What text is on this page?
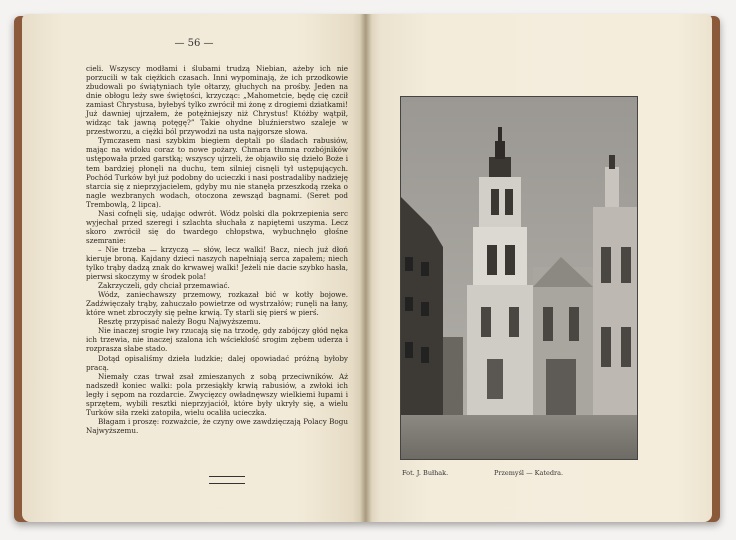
— 56 —

cieli. Wszyscy modłami i ślubami trudzą Niebian, ażeby ich nie porzucili w tak ciężkich czasach. Inni wypominają, że ich przodkowie zbudowali po świątyniach tyle ołtarzy, głuchych na prośby. Jeden na dnie obłogu leży swe świętości, krzycząc: „Mahometcie, będę cię czcił zamiast Chrystusa, byłebyś tylko zwrócił mi żonę z drogiemi dziatkami! Już dawniej ujrzałem, że potężniejszy niż Chrystus! Któżby wątpił, widząc tak jawną potęgę?” Takie ohydne bluźnierstwo szaleje w przestworzu, a ciężki ból przywodzi na usta najgorsze słowa.

Tymczasem nasi szybkim biegiem deptali po śladach rabusiów, mając na widoku coraz to nowe pożary. Chmara tłumna rozbójników ustępowała przed garstką; wszyscy ujrzeli, że objawiło się dzieło Boże i tem bardziej płonęli na duchu, tem silniej cisnęli tył ustępujących. Pochód Turków był już podobny do ucieczki i nasi postradaliby nadzieję starcia się z nieprzyjacielem, gdyby mu nie stanęła przeszkodą rzeka o nagle wezbranych wodach, otoczona zewsząd bagnami. (Seret pod Trembowlą, 2 lipca).

Nasi cofnęli się, udając odwrót. Wódz polski dla pokrzepienia serc wyjechał przed szeregi i szlachta słuchała z napiętemi uszyma. Lecz skoro zwrócił się do twardego chłopstwa, wybuchnęło głośne szemranie:

– Nie trzeba — krzyczą — słów, lecz walki! Bacz, niech już dłoń kieruje broną. Kajdany dzieci naszych napełniają serca zapałem; niech tylko trąby dadzą znak do krwawej walki! Jeżeli nie dacie szybko hasła, pierwsi skoczymy w środek pola!

Zakrzyczeli, gdy chciał przemawiać.

Wódz, zaniechawszy przemowy, rozkazał bić w kotły bojowe. Zadźwięczały trąby, zahuczało powietrze od wystrzałów; runęli na łany, które wnet zbroczyły się pełne krwią. Ty starli się pierś w pierś.

Resztę przypisać należy Bogu Najwyższemu.

Nie inaczej srogie lwy rzucają się na trzodę, gdy zabójczy głód nęka ich trzewia, nie inaczej szalona ich wściekłość srogim zębem uderza i rozprasza słabe stado.

Dotąd opisaliśmy dzieła ludzkie; dalej opowiadać próżną byłoby pracą.

Niemały czas trwał zsał zmieszanych z sobą przeciwników. Aż nadszedł koniec walki: pola przesiąkły krwią rabusiów, a zwłoki ich legły i sępom na rozdarcie. Zwycięzcy owładnęwszy wielkiemi łupami i sprzętem, wybili resztki nieprzyjaciół, które były ukryły się, a wielu Turków siła rzeki zatopiła, wielu ocaliła ucieczka.

Błagam i proszę: rozważcie, że czyny owe zawdzięczają Polacy Bogu Najwyższemu.

Fot. J. Bułhak.	Przemyśl — Katedra.
